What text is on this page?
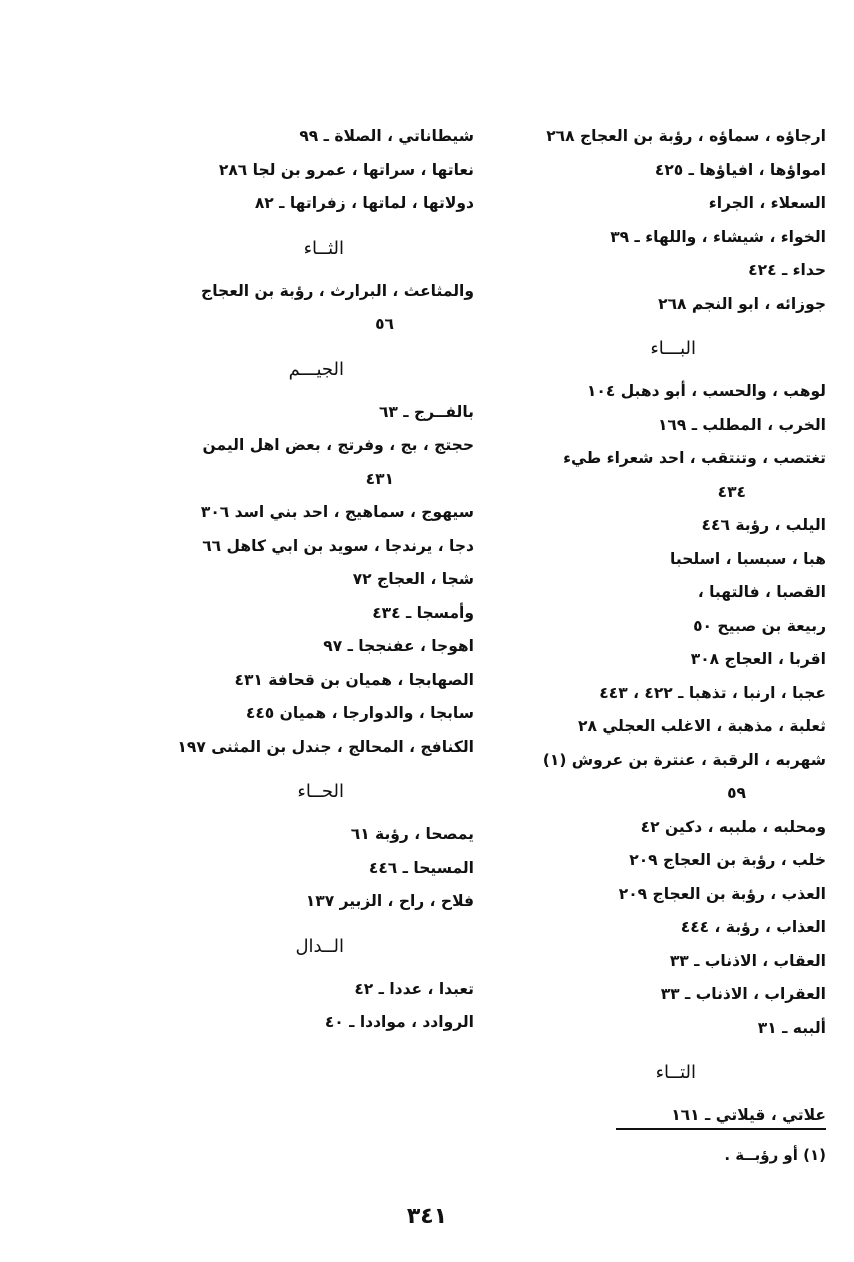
ارجاؤه ، سماؤه ، رؤبة بن العجاج ٢٦٨
امواؤها ، افياؤها ـ ٤٢٥
السعلاء ، الجراء
الخواء ، شيشاء ، واللهاء ـ ٣٩
حداء ـ ٤٢٤
جوزائه ، ابو النجم ٢٦٨
البـــاء
لوهب ، والحسب ، أبو دهبل ١٠٤
الخرب ، المطلب ـ ١٦٩
تغتصب ، وتنتقب ، احد شعراء طيء
٤٣٤
اليلب ، رؤبة ٤٤٦
هبا ، سبسبا ، اسلحبا
القصبا ، فالتهبا ،
ربيعة بن صبيح ٥٠
اقربا ، العجاج ٣٠٨
عجبا ، ارنبا ، تذهبا ـ ٤٢٢ ، ٤٤٣
ثعلبة ، مذهبة ، الاغلب العجلي ٢٨
شهربه ، الرقبة ، عنترة بن عروش (١)
٥٩
ومحلبه ، ملببه ، دكين ٤٢
خلب ، رؤبة بن العجاج ٢٠٩
العذب ، رؤبة بن العجاج ٢٠٩
العذاب ، رؤبة ، ٤٤٤
العقاب ، الاذناب ـ ٣٣
العقراب ، الاذناب ـ ٣٣
ألببه ـ ٣١
التــاء
علاتي ، قيلاتي ـ ١٦١
شيطاناتي ، الصلاة ـ ٩٩
نعاتها ، سراتها ، عمرو بن لجا ٢٨٦
دولاتها ، لماتها ، زفراتها ـ ٨٢
الثــاء
والمثاعث ، البرارث ، رؤبة بن العجاج
٥٦
الجيـــم
بالفــرج ـ ٦٣
حجتج ، بج ، وفرتج ، بعض اهل اليمن
٤٣١
سيهوج ، سماهيج ، احد بني اسد ٣٠٦
دجا ، يرندجا ، سويد بن ابي كاهل ٦٦
شجا ، العجاج ٧٢
وأمسجا ـ ٤٣٤
اهوجا ، عفنججا ـ ٩٧
الصهابجا ، هميان بن قحافة ٤٣١
سابجا ، والدوارجا ، هميان ٤٤٥
الكنافج ، المحالج ، جندل بن المثنى ١٩٧
الحــاء
يمصحا ، رؤبة ٦١
المسيحا ـ ٤٤٦
فلاح ، راح ، الزبير ١٣٧
الــدال
تعبدا ، عددا ـ ٤٢
الروادد ، مواددا ـ ٤٠
(١) أو رؤبــة .
٣٤١
